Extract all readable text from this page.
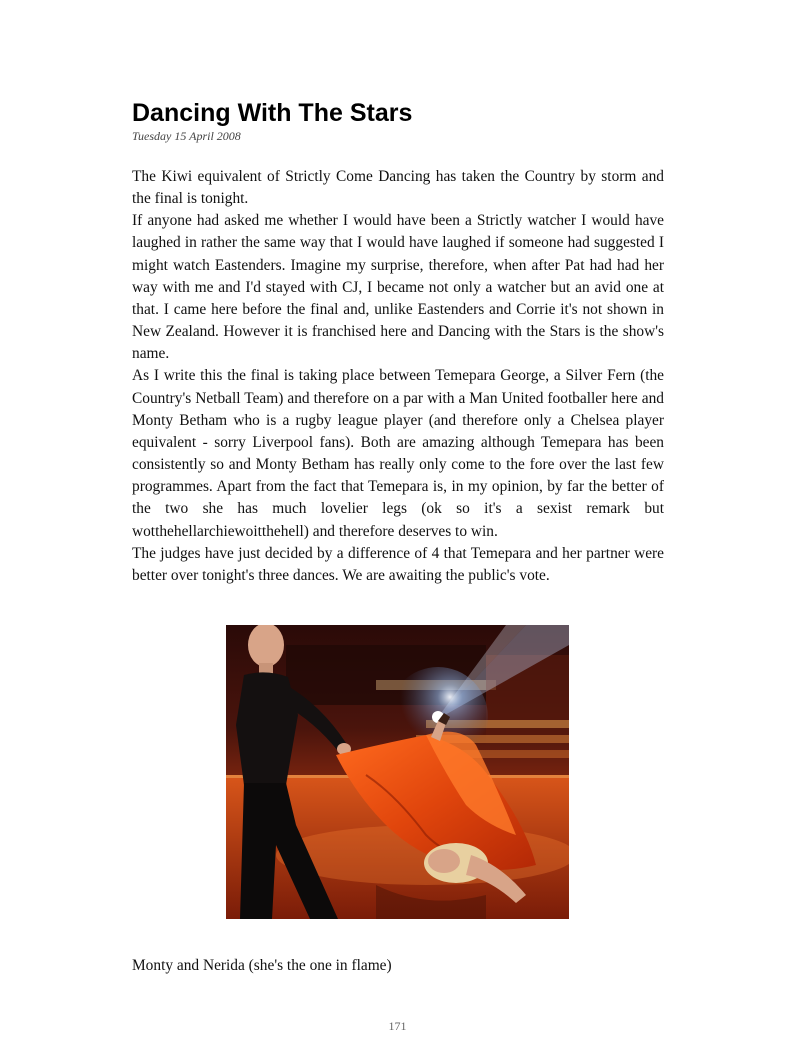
Dancing With The Stars
Tuesday 15 April 2008

The Kiwi equivalent of Strictly Come Dancing has taken the Country by storm and the final is tonight.

If anyone had asked me whether I would have been a Strictly watcher I would have laughed in rather the same way that I would have laughed if someone had suggested I might watch Eastenders. Imagine my surprise, therefore, when after Pat had had her way with me and I'd stayed with CJ, I became not only a watcher but an avid one at that. I came here before the final and, unlike Eastenders and Corrie it's not shown in New Zealand. However it is franchised here and Dancing with the Stars is the show's name.

As I write this the final is taking place between Temepara George, a Silver Fern (the Country's Netball Team) and therefore on a par with a Man United footballer here and Monty Betham who is a rugby league player (and therefore only a Chelsea player equivalent - sorry Liverpool fans). Both are amazing although Temepara has been consistently so and Monty Betham has really only come to the fore over the last few programmes. Apart from the fact that Temepara is, in my opinion, by far the better of the two she has much lovelier legs (ok so it's a sexist remark but wotthehellarchiewoitthehell) and therefore deserves to win.

The judges have just decided by a difference of 4 that Temepara and her partner were better over tonight's three dances. We are awaiting the public's vote.

Monty and Nerida (she's the one in flame)
171
